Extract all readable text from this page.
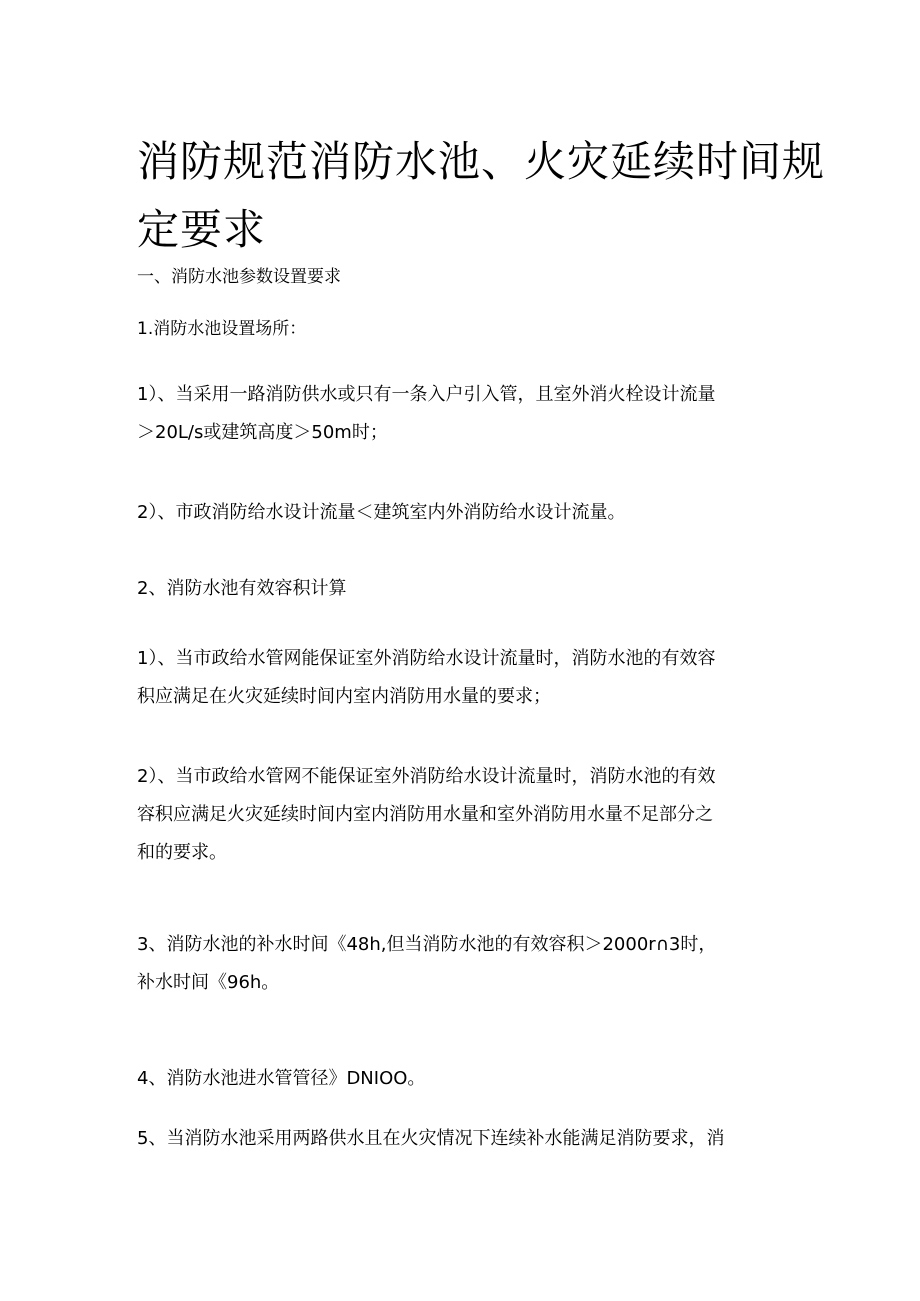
消防规范消防水池、火灾延续时间规
定要求

一、消防水池参数设置要求

1.消防水池设置场所：

1）、当采用一路消防供水或只有一条入户引入管，且室外消火栓设计流量
＞20L/s或建筑高度＞50m时；

2）、市政消防给水设计流量＜建筑室内外消防给水设计流量。

2、消防水池有效容积计算

1）、当市政给水管网能保证室外消防给水设计流量时，消防水池的有效容
积应满足在火灾延续时间内室内消防用水量的要求；
2）、当市政给水管网不能保证室外消防给水设计流量时，消防水池的有效
容积应满足火灾延续时间内室内消防用水量和室外消防用水量不足部分之
和的要求。
3、消防水池的补水时间《48h,但当消防水池的有效容积＞2000r∩3时，
补水时间《96h。

4、消防水池进水管管径》DNIOO。

5、当消防水池采用两路供水且在火灾情况下连续补水能满足消防要求，消
